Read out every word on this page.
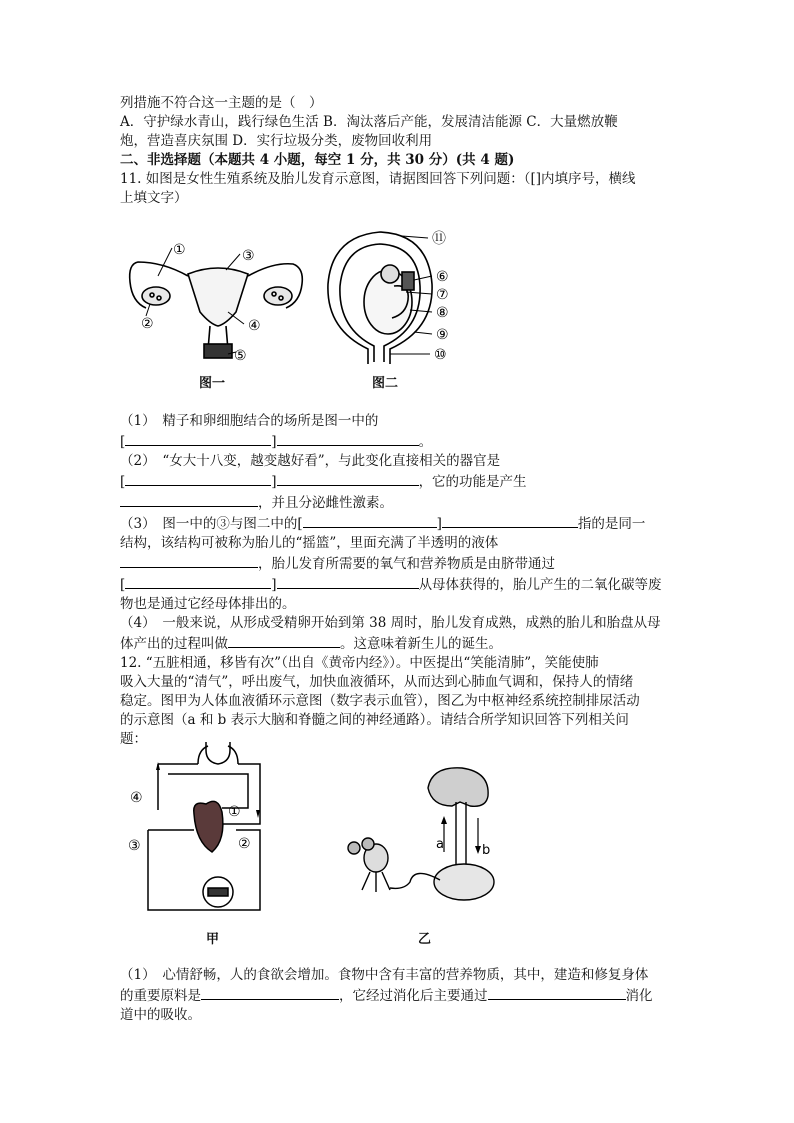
列措施不符合这一主题的是（　）
A．守护绿水青山，践行绿色生活 B．淘汰落后产能，发展清洁能源 C．大量燃放鞭
炮，营造喜庆氛围 D．实行垃圾分类，废物回收利用
二、非选择题（本题共 4 小题，每空 1 分，共 30 分）(共 4 题)
11. 如图是女性生殖系统及胎儿发育示意图，请据图回答下列问题：（[]内填序号，横线
上填文字）
①
②
③
④
⑤
图一
⑪
⑥
⑦
⑧
⑨
⑩
图二
（1）　精子和卵细胞结合的场所是图一中的
[	]	。
（2）　“女大十八变，越变越好看”，与此变化直接相关的器官是
[	]	，它的功能是产生
，并且分泌雌性激素。
（3）　图一中的③与图二中的[	]	指的是同一
结构，该结构可被称为胎儿的“摇篮”，里面充满了半透明的液体
，胎儿发育所需要的氧气和营养物质是由脐带通过
[	]	从母体获得的，胎儿产生的二氧化碳等废
物也是通过它经母体排出的。
（4）　一般来说，从形成受精卵开始到第 38 周时，胎儿发育成熟，成熟的胎儿和胎盘从母
体产出的过程叫做	。这意味着新生儿的诞生。
12. “五脏相通，移皆有次”（出自《黄帝内经》）。中医提出“笑能清肺”，笑能使肺
吸入大量的“清气”，呼出废气，加快血液循环，从而达到心肺血气调和，保持人的情绪
稳定。图甲为人体血液循环示意图（数字表示血管），图乙为中枢神经系统控制排尿活动
的示意图（a 和 b 表示大脑和脊髓之间的神经通路）。请结合所学知识回答下列相关问
题：
④
①
③	②
甲
a	b
乙
（1）　心情舒畅，人的食欲会增加。食物中含有丰富的营养物质，其中，建造和修复身体
的重要原料是	，它经过消化后主要通过	消化
道中的吸收。
